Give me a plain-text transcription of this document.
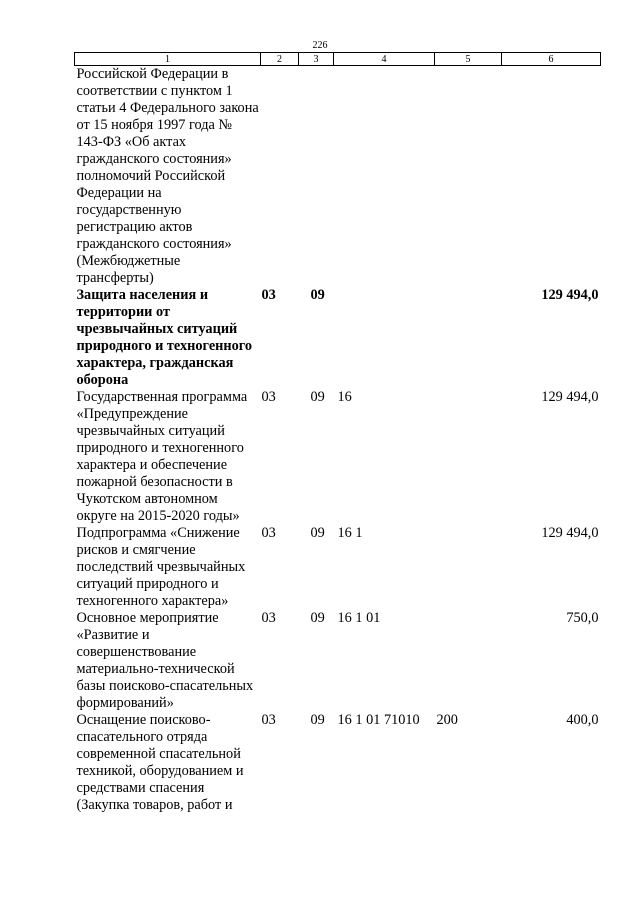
226
1	2	3	4	5	6
Российской Федерации в соответствии с пунктом 1 статьи 4 Федерального закона от 15 ноября 1997 года № 143-ФЗ «Об актах гражданского состояния» полномочий Российской Федерации на государственную регистрацию актов гражданского состояния» (Межбюджетные трансферты)					
Защита населения и территории от чрезвычайных ситуаций природного и техногенного характера, гражданская оборона	03	09			129 494,0
Государственная программа «Предупреждение чрезвычайных ситуаций природного и техногенного характера и обеспечение пожарной безопасности в Чукотском автономном округе на 2015-2020 годы»	03	09	16		129 494,0
Подпрограмма «Снижение рисков и смягчение последствий чрезвычайных ситуаций природного и техногенного характера»	03	09	16 1		129 494,0
Основное мероприятие «Развитие и совершенствование материально-технической базы поисково-спасательных формирований»	03	09	16 1 01		750,0
Оснащение поисково-спасательного отряда современной спасательной техникой, оборудованием и средствами спасения (Закупка товаров, работ и	03	09	16 1 01 71010	200	400,0
